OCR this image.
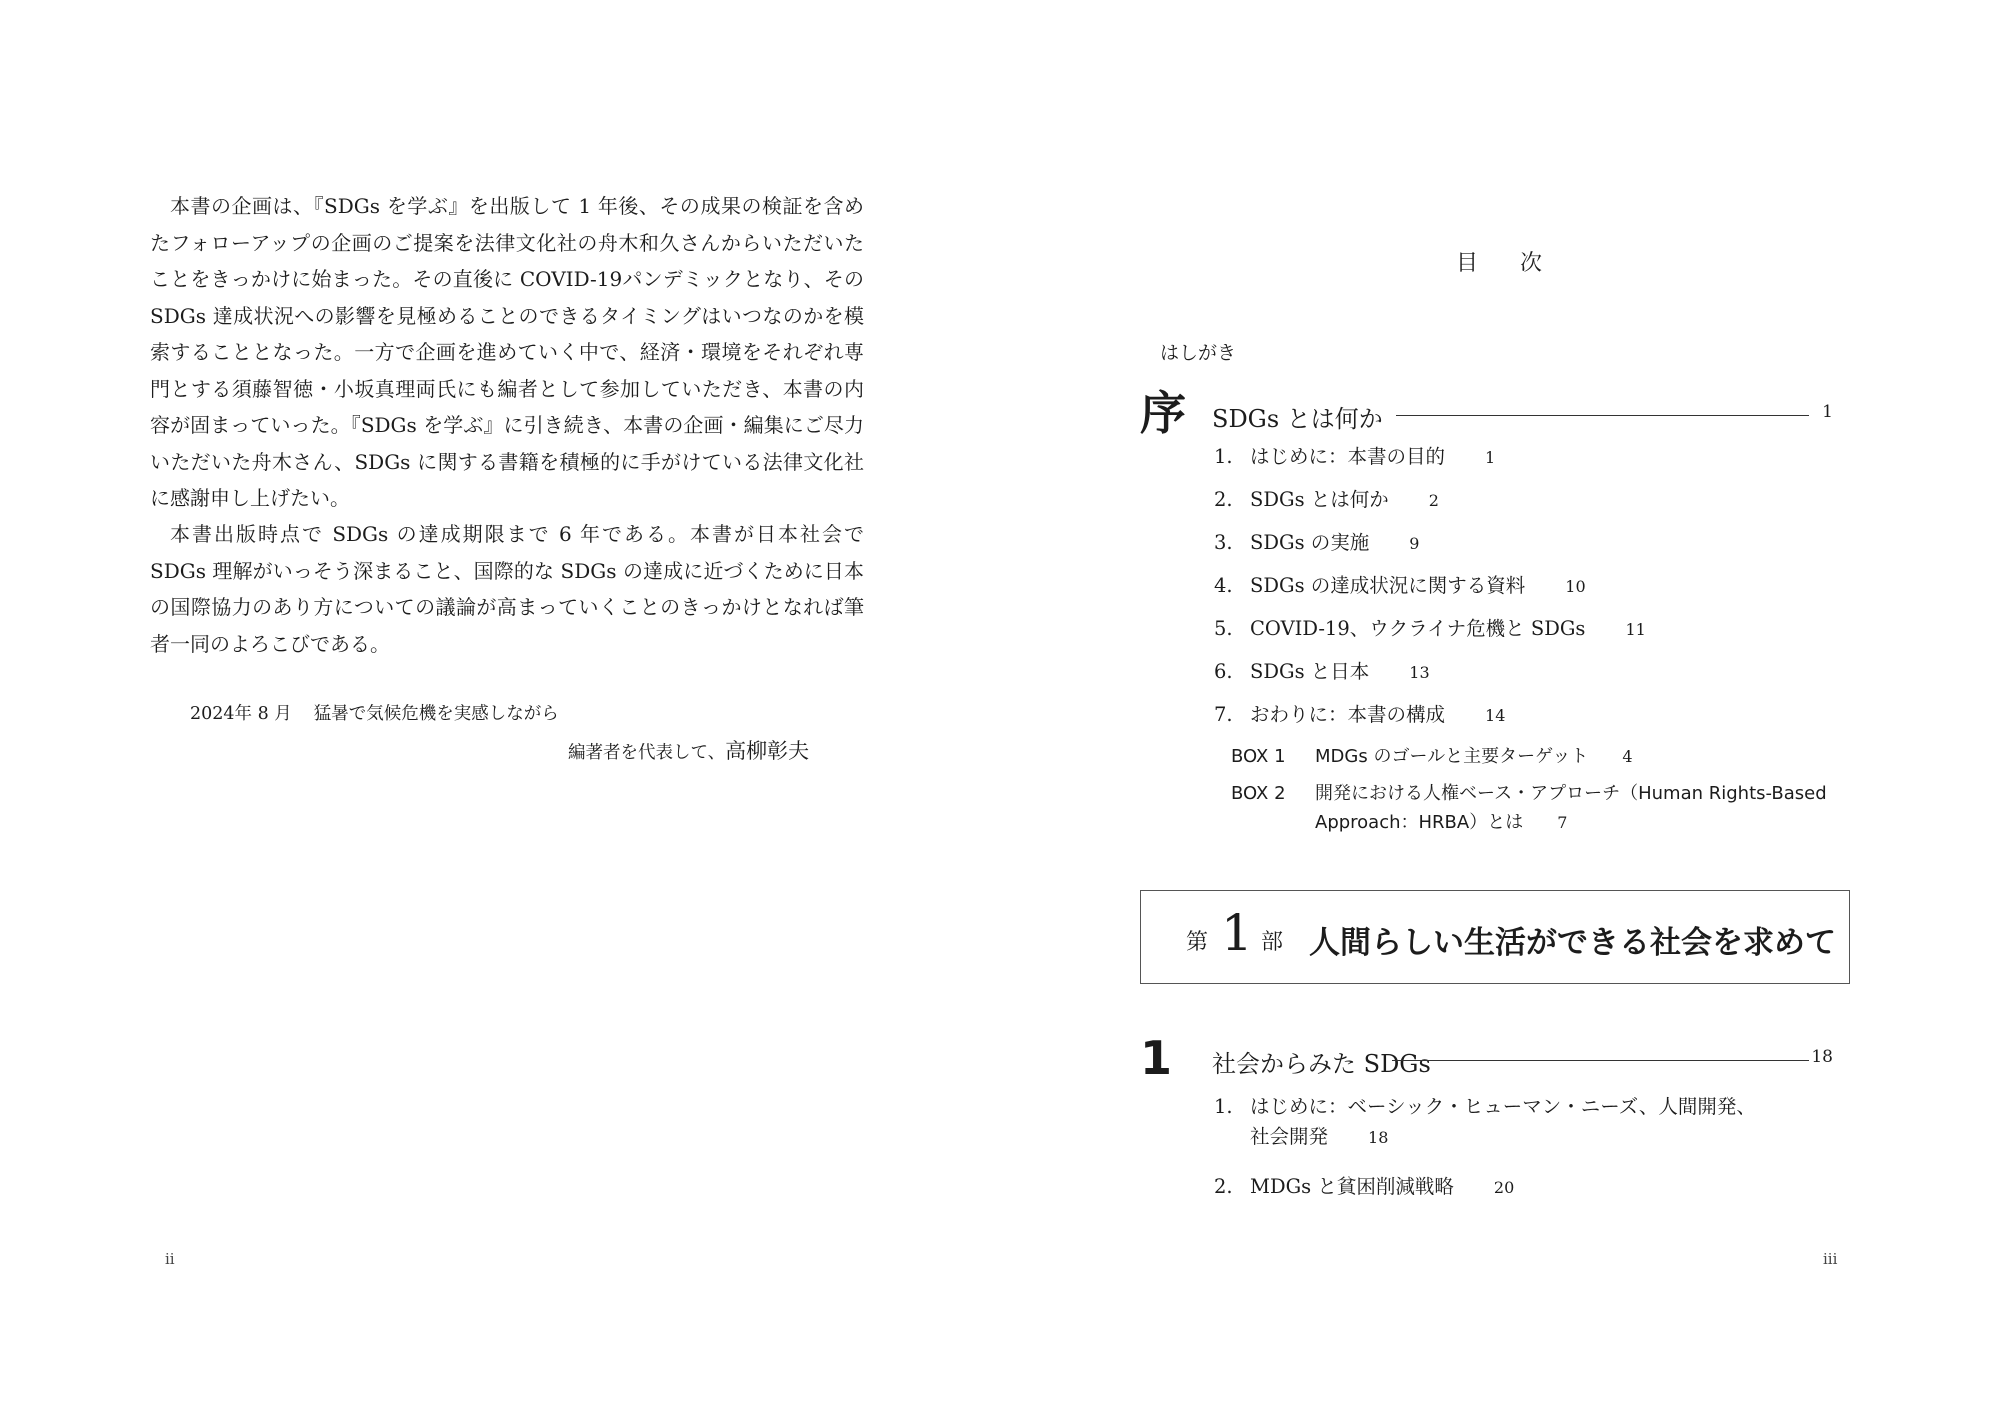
本書の企画は、『SDGs を学ぶ』を出版して 1 年後、その成果の検証を含めたフォローアップの企画のご提案を法律文化社の舟木和久さんからいただいたことをきっかけに始まった。その直後に COVID-19パンデミックとなり、その SDGs 達成状況への影響を見極めることのできるタイミングはいつなのかを模索することとなった。一方で企画を進めていく中で、経済・環境をそれぞれ専門とする須藤智徳・小坂真理両氏にも編者として参加していただき、本書の内容が固まっていった。『SDGs を学ぶ』に引き続き、本書の企画・編集にご尽力いただいた舟木さん、SDGs に関する書籍を積極的に手がけている法律文化社に感謝申し上げたい。

本書出版時点で SDGs の達成期限まで 6 年である。本書が日本社会で SDGs 理解がいっそう深まること、国際的な SDGs の達成に近づくために日本の国際協力のあり方についての議論が高まっていくことのきっかけとなれば筆者一同のよろこびである。

2024年 8 月 猛暑で気候危機を実感しながら
編著者を代表して、高柳彰夫
ii
目次
はしがき
序 SDGs とは何か	1
1. はじめに：本書の目的	1
2. SDGs とは何か	2
3. SDGs の実施	9
4. SDGs の達成状況に関する資料	10
5. COVID-19、ウクライナ危機と SDGs	11
6. SDGs と日本	13
7. おわりに：本書の構成	14
BOX 1 MDGs のゴールと主要ターゲット 4
BOX 2 開発における人権ベース・アプローチ（Human Rights-Based Approach：HRBA）とは 7
第 1 部 人間らしい生活ができる社会を求めて
1 社会からみた SDGs	18
1. はじめに：ベーシック・ヒューマン・ニーズ、人間開発、
社会開発	18
2. MDGs と貧困削減戦略	20
iii
